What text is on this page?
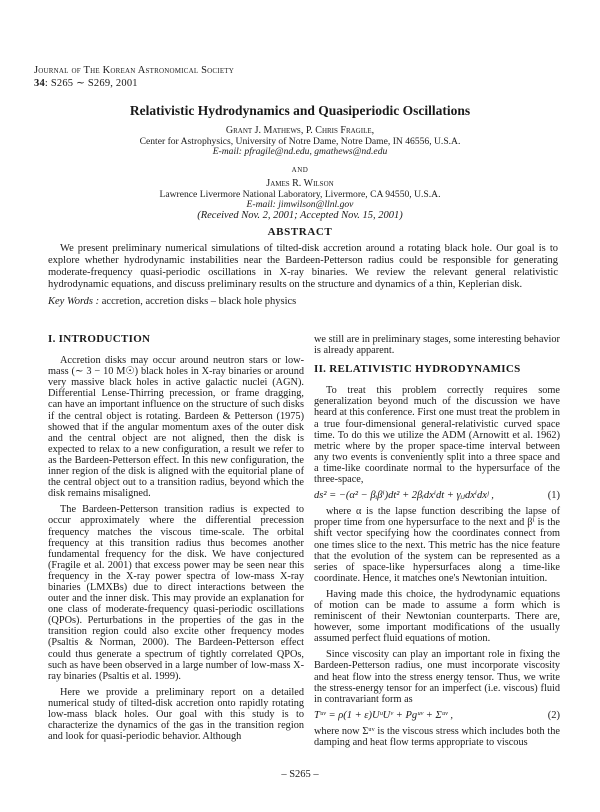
Journal of The Korean Astronomical Society
34: S265 ∼ S269, 2001
Relativistic Hydrodynamics and Quasiperiodic Oscillations
Grant J. Mathews, P. Chris Fragile,
Center for Astrophysics, University of Notre Dame, Notre Dame, IN 46556, U.S.A.
E-mail: pfragile@nd.edu, gmathews@nd.edu
AND
James R. Wilson
Lawrence Livermore National Laboratory, Livermore, CA 94550, U.S.A.
E-mail: jimwilson@llnl.gov
(Received Nov. 2, 2001; Accepted Nov. 15, 2001)
ABSTRACT
We present preliminary numerical simulations of tilted-disk accretion around a rotating black hole. Our goal is to explore whether hydrodynamic instabilities near the Bardeen-Petterson radius could be responsible for generating moderate-frequency quasi-periodic oscillations in X-ray binaries. We review the relevant general relativistic hydrodynamic equations, and discuss preliminary results on the structure and dynamics of a thin, Keplerian disk.
Key Words : accretion, accretion disks – black hole physics
I. INTRODUCTION

Accretion disks may occur around neutron stars or low-mass (∼ 3 − 10 M☉) black holes in X-ray binaries or around very massive black holes in active galactic nuclei (AGN). Differential Lense-Thirring precession, or frame dragging, can have an important influence on the structure of such disks if the central object is rotating. Bardeen & Petterson (1975) showed that if the angular momentum axes of the outer disk and the central object are not aligned, then the disk is expected to relax to a new configuration, a result we refer to as the Bardeen-Petterson effect. In this new configuration, the inner region of the disk is aligned with the equitorial plane of the central object out to a transition radius, beyond which the disk remains misaligned.

The Bardeen-Petterson transition radius is expected to occur approximately where the differential precession frequency matches the viscous time-scale. The orbital frequency at this transition radius thus becomes another fundamental frequency for the disk. We have conjectured (Fragile et al. 2001) that excess power may be seen near this frequency in the X-ray power spectra of low-mass X-ray binaries (LMXBs) due to direct interactions between the outer and the inner disk. This may provide an explanation for one class of moderate-frequency quasi-periodic oscillations (QPOs). Perturbations in the properties of the gas in the transition region could also excite other frequency modes (Psaltis & Norman, 2000). The Bardeen-Petterson effect could thus generate a spectrum of tightly correlated QPOs, such as have been observed in a large number of low-mass X-ray binaries (Psaltis et al. 1999).

Here we provide a preliminary report on a detailed numerical study of tilted-disk accretion onto rapidly rotating low-mass black holes. Our goal with this study is to characterize the dynamics of the gas in the transition region and look for quasi-periodic behavior. Although

we still are in preliminary stages, some interesting behavior is already apparent.

II. RELATIVISTIC HYDRODYNAMICS

To treat this problem correctly requires some generalization beyond much of the discussion we have heard at this conference. First one must treat the problem in a true four-dimensional general-relativistic curved space time. To do this we utilize the ADM (Arnowitt et al. 1962) metric where by the proper space-time interval between any two events is conveniently split into a three space and a time-like coordinate normal to the hypersurface of the three-space,

ds² = −(α² − βᵢβⁱ)dt² + 2βᵢdxⁱdt + γᵢⱼdxⁱdxʲ ,	(1)

where α is the lapse function describing the lapse of proper time from one hypersurface to the next and βⁱ is the shift vector specifying how the coordinates connect from one times slice to the next. This metric has the nice feature that the evolution of the system can be represented as a series of space-like hypersurfaces along a time-like coordinate. Hence, it matches one's Newtonian intuition.

Having made this choice, the hydrodynamic equations of motion can be made to assume a form which is reminiscent of their Newtonian counterparts. There are, however, some important modifications of the usually assumed perfect fluid equations of motion.

Since viscosity can play an important role in fixing the Bardeen-Petterson radius, one must incorporate viscosity and heat flow into the stress energy tensor. Thus, we write the stress-energy tensor for an imperfect (i.e. viscous) fluid in contravariant form as

Tᵘᵛ = ρ(1 + ε)UᵘUᵛ + Pgᵘᵛ + Σᵘᵛ ,	(2)

where now Σᵘᵛ is the viscous stress which includes both the damping and heat flow terms appropriate to viscous

– S265 –
